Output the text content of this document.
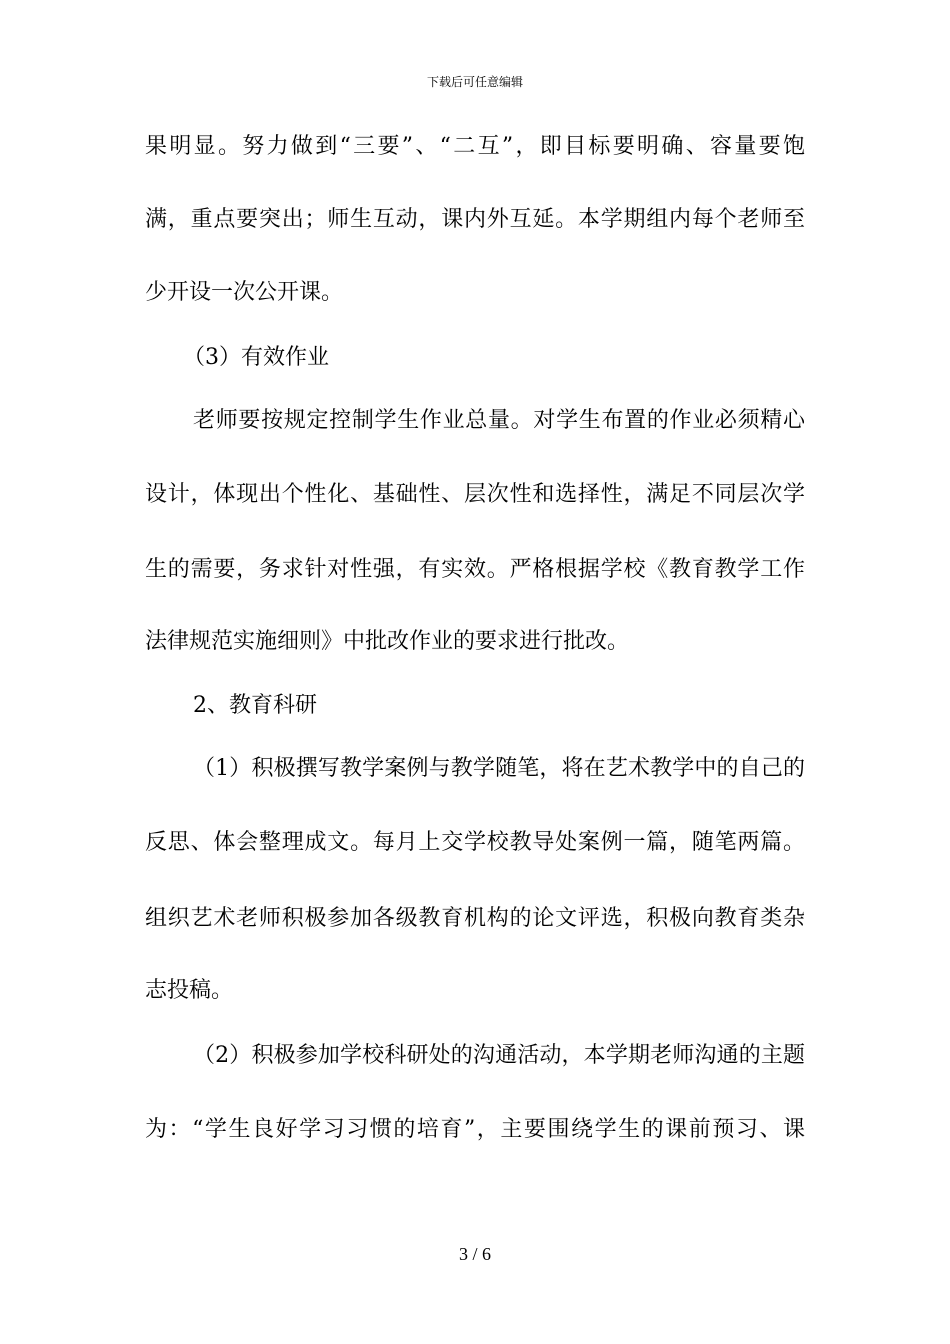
下载后可任意编辑
果明显。努力做到“三要”、“二互”，即目标要明确、容量要饱
满，重点要突出；师生互动，课内外互延。本学期组内每个老师至
少开设一次公开课。
（3）有效作业
老师要按规定控制学生作业总量。对学生布置的作业必须精心
设计，体现出个性化、基础性、层次性和选择性，满足不同层次学
生的需要，务求针对性强，有实效。严格根据学校《教育教学工作
法律规范实施细则》中批改作业的要求进行批改。
2、教育科研
（1）积极撰写教学案例与教学随笔，将在艺术教学中的自己的
反思、体会整理成文。每月上交学校教导处案例一篇，随笔两篇。
组织艺术老师积极参加各级教育机构的论文评选，积极向教育类杂
志投稿。
（2）积极参加学校科研处的沟通活动，本学期老师沟通的主题
为：“学生良好学习习惯的培育”，主要围绕学生的课前预习、课
3 / 6
